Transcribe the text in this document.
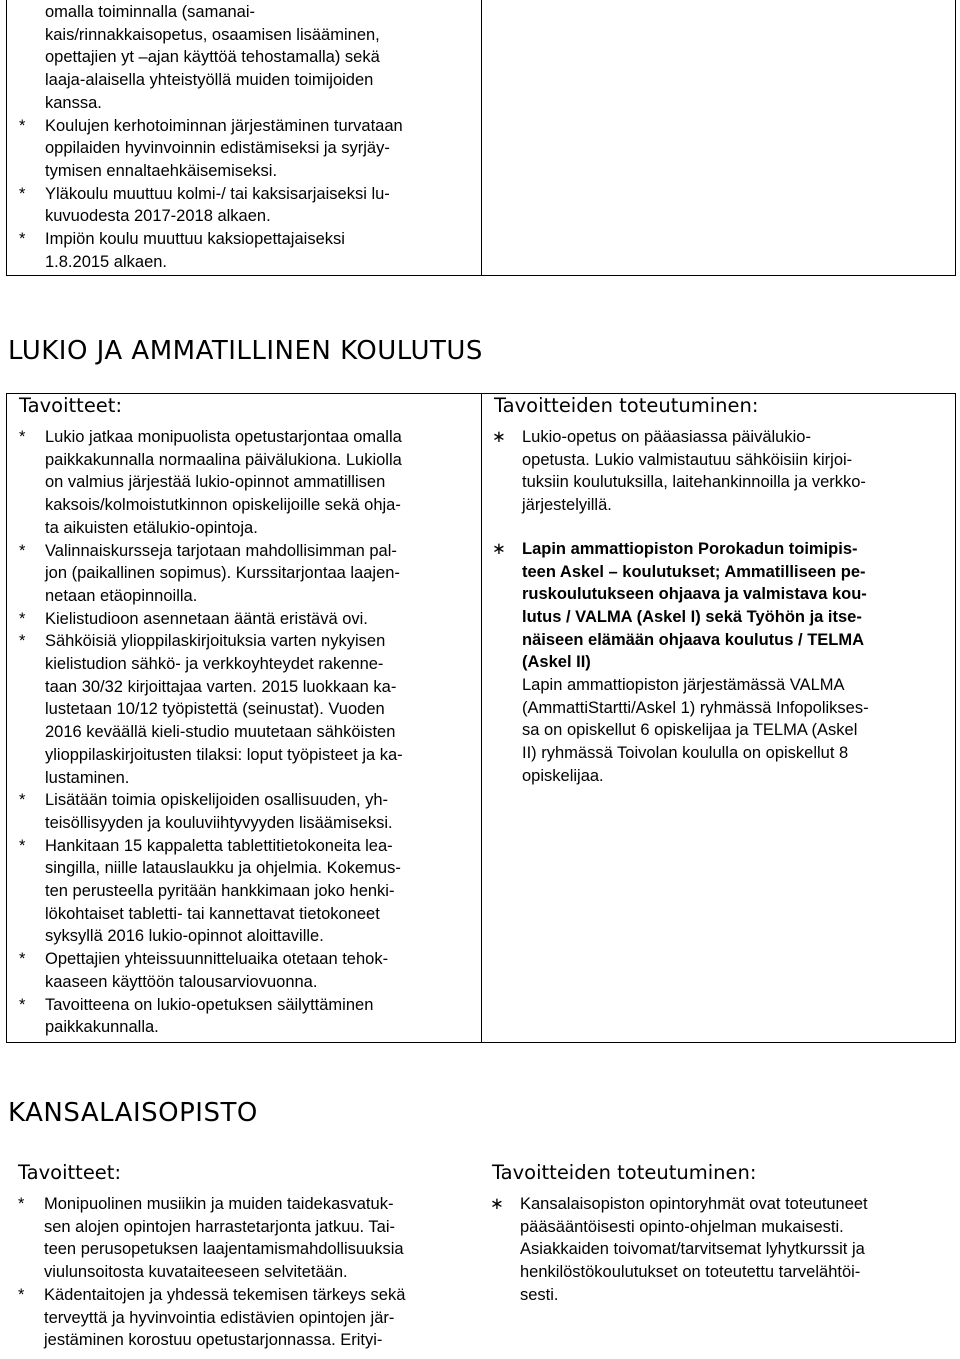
omalla toiminnalla (samanai-
kais/rinnakkaisopetus, osaamisen lisääminen,
opettajien yt –ajan käyttöä tehostamalla) sekä
laaja-alaisella yhteistyöllä muiden toimijoiden
kanssa.
* Koulujen kerhotoiminnan järjestäminen turvataan
oppilaiden hyvinvoinnin edistämiseksi ja syrjäy-
tymisen ennaltaehkäisemiseksi.
* Yläkoulu muuttuu kolmi-/ tai kaksisarjaiseksi lu-
kuvuodesta 2017-2018 alkaen.
* Impiön koulu muuttuu kaksiopettajaiseksi
1.8.2015 alkaen.

LUKIO JA AMMATILLINEN KOULUTUS
Tavoitteet:
* Lukio jatkaa monipuolista opetustarjontaa omalla
paikkakunnalla normaalina päivälukiona. Lukiolla
on valmius järjestää lukio-opinnot ammatillisen
kaksois/kolmoistutkinnon opiskelijoille sekä ohja-
ta aikuisten etälukio-opintoja.
* Valinnaiskursseja tarjotaan mahdollisimman pal-
jon (paikallinen sopimus). Kurssitarjontaa laajen-
netaan etäopinnoilla.
* Kielistudioon asennetaan ääntä eristävä ovi.
* Sähköisiä ylioppilaskirjoituksia varten nykyisen
kielistudion sähkö- ja verkkoyhteydet rakenne-
taan 30/32 kirjoittajaa varten. 2015 luokkaan ka-
lustetaan 10/12 työpistettä (seinustat). Vuoden
2016 keväällä kieli-studio muutetaan sähköisten
ylioppilaskirjoitusten tilaksi: loput työpisteet ja ka-
lustaminen.
* Lisätään toimia opiskelijoiden osallisuuden, yh-
teisöllisyyden ja kouluviihtyvyyden lisäämiseksi.
* Hankitaan 15 kappaletta tablettitietokoneita lea-
singilla, niille latauslaukku ja ohjelmia. Kokemus-
ten perusteella pyritään hankkimaan joko henki-
lökohtaiset tabletti- tai kannettavat tietokoneet
syksyllä 2016 lukio-opinnot aloittaville.
* Opettajien yhteissuunnitteluaika otetaan tehok-
kaaseen käyttöön talousarviovuonna.
* Tavoitteena on lukio-opetuksen säilyttäminen
paikkakunnalla.

Tavoitteiden toteutuminen:
∗ Lukio-opetus on pääasiassa päivälukio-
opetusta. Lukio valmistautuu sähköisiin kirjoi-
tuksiin koulutuksilla, laitehankinnoilla ja verkko-
järjestelyillä.
∗ Lapin ammattiopiston Porokadun toimipis-
teen Askel – koulutukset; Ammatilliseen pe-
ruskoulutukseen ohjaava ja valmistava kou-
lutus / VALMA (Askel I) sekä Työhön ja itse-
näiseen elämään ohjaava koulutus / TELMA
(Askel II)
Lapin ammattiopiston järjestämässä VALMA
(AmmattiStartti/Askel 1) ryhmässä Infopolikses-
sa on opiskellut 6 opiskelijaa ja TELMA (Askel
II) ryhmässä Toivolan koululla on opiskellut 8
opiskelijaa.
KANSALAISOPISTO
Tavoitteet:
* Monipuolinen musiikin ja muiden taidekasvatuk-
sen alojen opintojen harrastetarjonta jatkuu. Tai-
teen perusopetuksen laajentamismahdollisuuksia
viulunsoitosta kuvataiteeseen selvitetään.
* Kädentaitojen ja yhdessä tekemisen tärkeys sekä
terveyttä ja hyvinvointia edistävien opintojen jär-
jestäminen korostuu opetustarjonnassa. Erityi-

Tavoitteiden toteutuminen:
∗ Kansalaisopiston opintoryhmät ovat toteutuneet
pääsääntöisesti opinto-ohjelman mukaisesti.
Asiakkaiden toivomat/tarvitsemat lyhytkurssit ja
henkilöstökoulutukset on toteutettu tarvelähtöi-
sesti.
